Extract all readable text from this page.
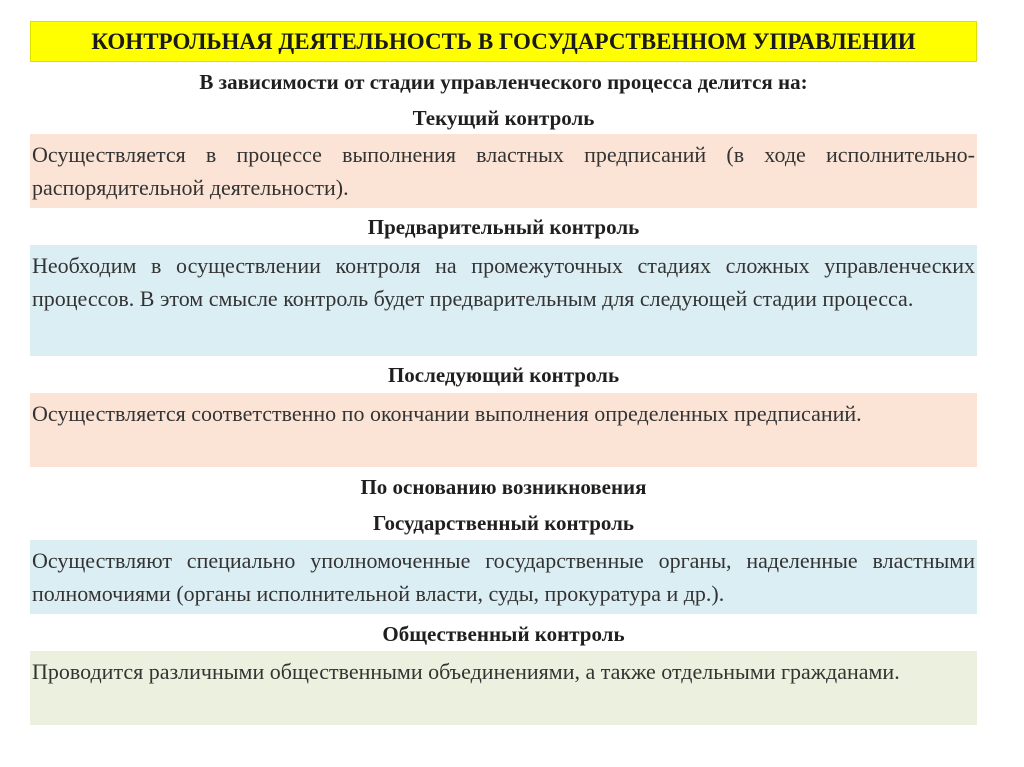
КОНТРОЛЬНАЯ ДЕЯТЕЛЬНОСТЬ В ГОСУДАРСТВЕННОМ УПРАВЛЕНИИ
В зависимости от стадии управленческого процесса делится на:
Текущий контроль
Осуществляется в процессе выполнения властных предписаний (в ходе исполнительно-распорядительной деятельности).
Предварительный контроль
Необходим в осуществлении контроля на промежуточных стадиях сложных управленческих процессов. В этом смысле контроль будет предварительным для следующей стадии процесса.
Последующий контроль
Осуществляется соответственно по окончании выполнения определенных предписаний.
По основанию возникновения
Государственный контроль
Осуществляют специально уполномоченные государственные органы, наделенные властными полномочиями (органы исполнительной власти, суды, прокуратура и др.).
Общественный контроль
Проводится различными общественными объединениями, а также отдельными гражданами.
